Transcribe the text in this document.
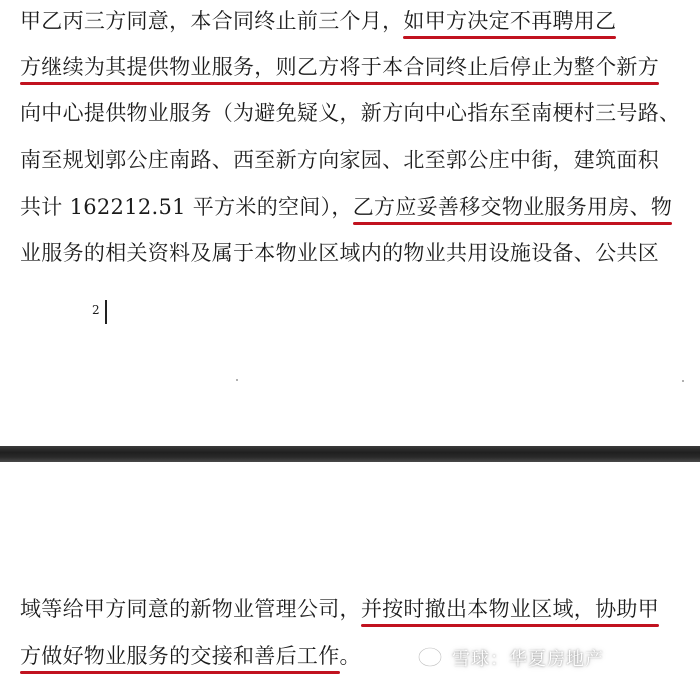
甲乙丙三方同意，本合同终止前三个月，如甲方决定不再聘用乙
方继续为其提供物业服务，则乙方将于本合同终止后停止为整个新方
向中心提供物业服务（为避免疑义，新方向中心指东至南梗村三号路、
南至规划郭公庄南路、西至新方向家园、北至郭公庄中街，建筑面积
共计 162212.51 平方米的空间），乙方应妥善移交物业服务用房、物
业服务的相关资料及属于本物业区域内的物业共用设施设备、公共区
2
域等给甲方同意的新物业管理公司，并按时撤出本物业区域，协助甲
方做好物业服务的交接和善后工作。	雪球：华夏房地产
